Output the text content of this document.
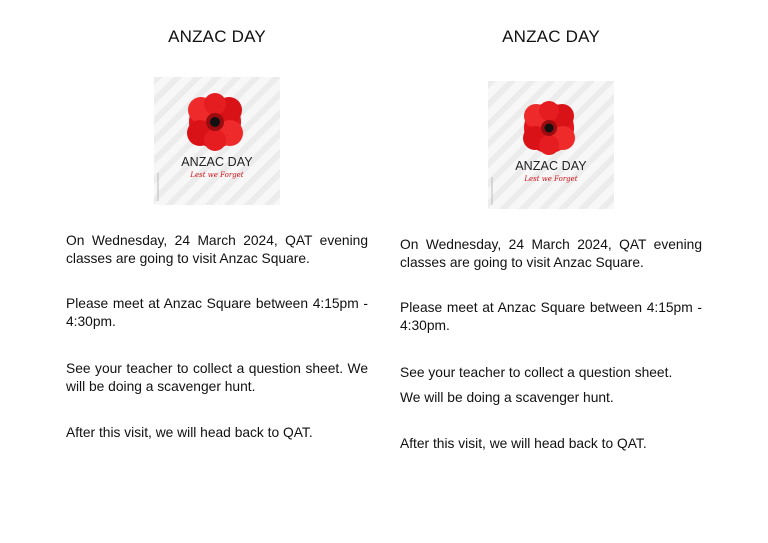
ANZAC DAY
ANZAC DAY
Lest we Forget

On Wednesday, 24 March 2024, QAT evening classes are going to visit Anzac Square.

Please meet at Anzac Square between 4:15pm - 4:30pm.

See your teacher to collect a question sheet. We will be doing a scavenger hunt.

After this visit, we will head back to QAT.

ANZAC DAY
ANZAC DAY
Lest we Forget

On Wednesday, 24 March 2024, QAT evening classes are going to visit Anzac Square.

Please meet at Anzac Square between 4:15pm - 4:30pm.

See your teacher to collect a question sheet.

We will be doing a scavenger hunt.

After this visit, we will head back to QAT.
